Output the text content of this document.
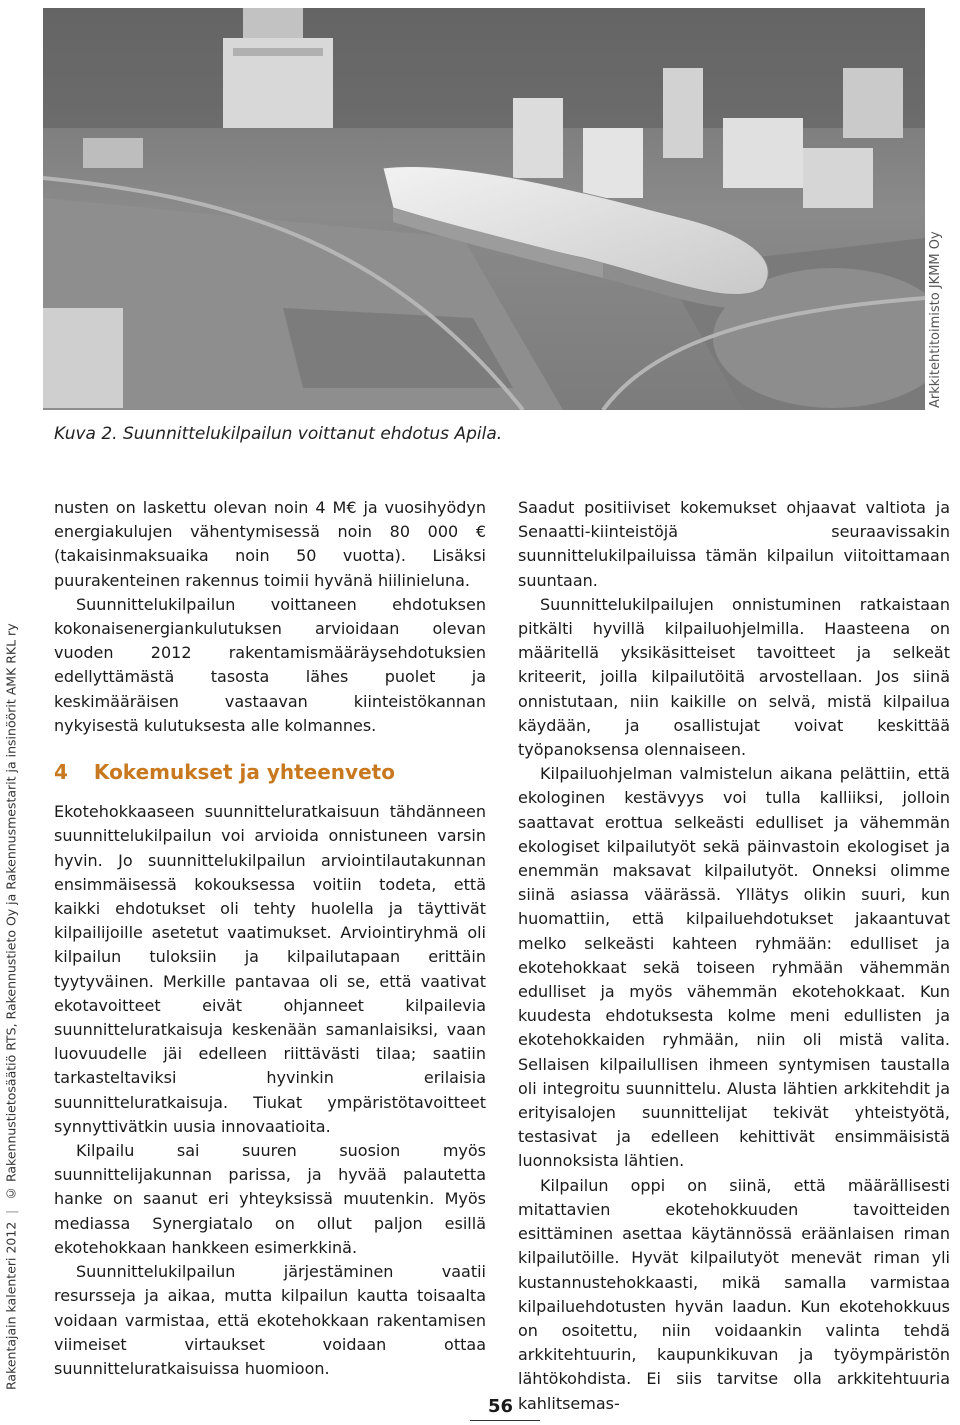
Arkkitehtitoimisto JKMM Oy
Rakentajain kalenteri 2012
|
© Rakennustietosäätiö RTS, Rakennustieto Oy ja Rakennusmestarit ja insinöörit AMK RKL ry
Kuva 2. Suunnittelukilpailun voittanut ehdotus Apila.

nusten on laskettu olevan noin 4 M€ ja vuosihyödyn energiakulujen vähentymisessä noin 80 000 € (takaisinmaksuaika noin 50 vuotta). Lisäksi puurakenteinen rakennus toimii hyvänä hiilinieluna.

Suunnittelukilpailun voittaneen ehdotuksen kokonaisenergiankulutuksen arvioidaan olevan vuoden 2012 rakentamismääräysehdotuksien edellyttämästä tasosta lähes puolet ja keskimääräisen vastaavan kiinteistökannan nykyisestä kulutuksesta alle kolmannes.

4 Kokemukset ja yhteenveto

Ekotehokkaaseen suunnitteluratkaisuun tähdänneen suunnittelukilpailun voi arvioida onnistuneen varsin hyvin. Jo suunnittelukilpailun arviointilautakunnan ensimmäisessä kokouksessa voitiin todeta, että kaikki ehdotukset oli tehty huolella ja täyttivät kilpailijoille asetetut vaatimukset. Arviointiryhmä oli kilpailun tuloksiin ja kilpailutapaan erittäin tyytyväinen. Merkille pantavaa oli se, että vaativat ekotavoitteet eivät ohjanneet kilpailevia suunnitteluratkaisuja keskenään samanlaisiksi, vaan luovuudelle jäi edelleen riittävästi tilaa; saatiin tarkasteltaviksi hyvinkin erilaisia suunnitteluratkaisuja. Tiukat ympäristötavoitteet synnyttivätkin uusia innovaatioita.

Kilpailu sai suuren suosion myös suunnittelijakunnan parissa, ja hyvää palautetta hanke on saanut eri yhteyksissä muutenkin. Myös mediassa Synergiatalo on ollut paljon esillä ekotehokkaan hankkeen esimerkkinä.

Suunnittelukilpailun järjestäminen vaatii resursseja ja aikaa, mutta kilpailun kautta toisaalta voidaan varmistaa, että ekotehokkaan rakentamisen viimeiset virtaukset voidaan ottaa suunnitteluratkaisuissa huomioon.

Saadut positiiviset kokemukset ohjaavat valtiota ja Senaatti-kiinteistöjä seuraavissakin suunnittelukilpailuissa tämän kilpailun viitoittamaan suuntaan.

Suunnittelukilpailujen onnistuminen ratkaistaan pitkälti hyvillä kilpailuohjelmilla. Haasteena on määritellä yksikäsitteiset tavoitteet ja selkeät kriteerit, joilla kilpailutöitä arvostellaan. Jos siinä onnistutaan, niin kaikille on selvä, mistä kilpailua käydään, ja osallistujat voivat keskittää työpanoksensa olennaiseen.

Kilpailuohjelman valmistelun aikana pelättiin, että ekologinen kestävyys voi tulla kalliiksi, jolloin saattavat erottua selkeästi edulliset ja vähemmän ekologiset kilpailutyöt sekä päinvastoin ekologiset ja enemmän maksavat kilpailutyöt. Onneksi olimme siinä asiassa väärässä. Yllätys olikin suuri, kun huomattiin, että kilpailuehdotukset jakaantuvat melko selkeästi kahteen ryhmään: edulliset ja ekotehokkaat sekä toiseen ryhmään vähemmän edulliset ja myös vähemmän ekotehokkaat. Kun kuudesta ehdotuksesta kolme meni edullisten ja ekotehokkaiden ryhmään, niin oli mistä valita. Sellaisen kilpailullisen ihmeen syntymisen taustalla oli integroitu suunnittelu. Alusta lähtien arkkitehdit ja erityisalojen suunnittelijat tekivät yhteistyötä, testasivat ja edelleen kehittivät ensimmäisistä luonnoksista lähtien.

Kilpailun oppi on siinä, että määrällisesti mitattavien ekotehokkuuden tavoitteiden esittäminen asettaa käytännössä eräänlaisen riman kilpailutöille. Hyvät kilpailutyöt menevät riman yli kustannustehokkaasti, mikä samalla varmistaa kilpailuehdotusten hyvän laadun. Kun ekotehokkuus on osoitettu, niin voidaankin valinta tehdä arkkitehtuurin, kaupunkikuvan ja työympäristön lähtökohdista. Ei siis tarvitse olla arkkitehtuuria kahlitsemas-

56
